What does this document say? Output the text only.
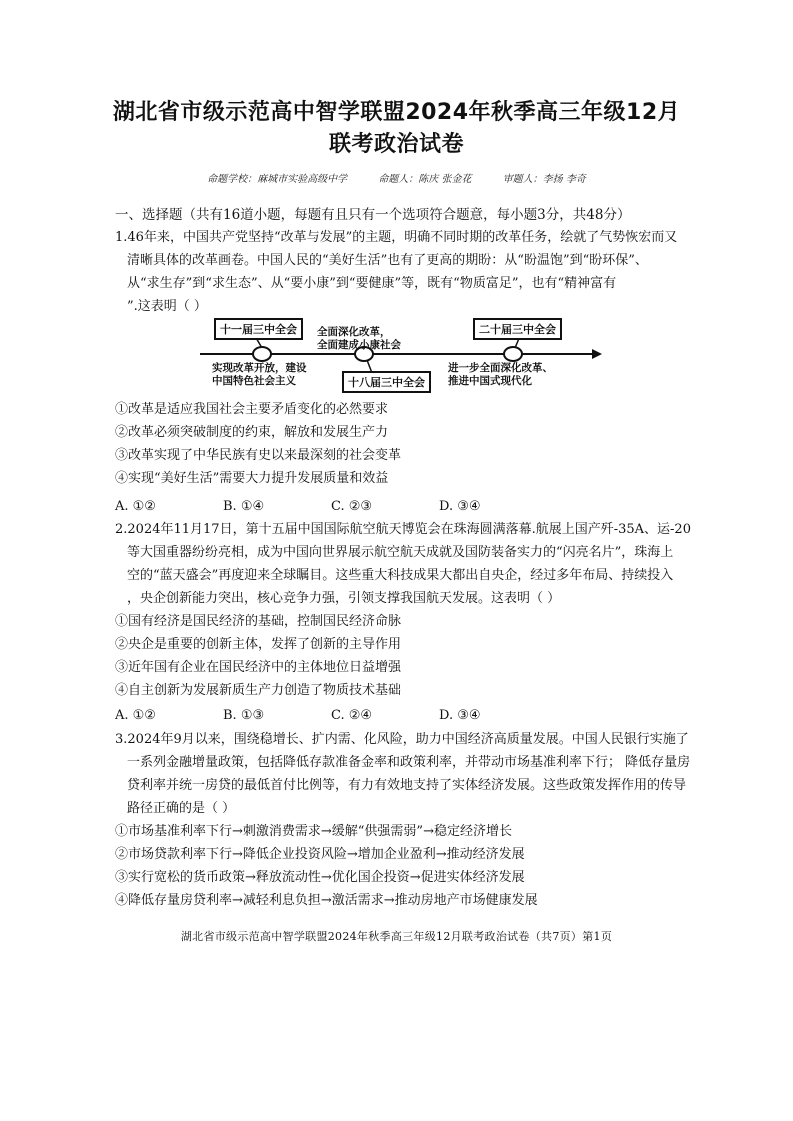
湖北省市级示范高中智学联盟2024年秋季高三年级12月
联考政治试卷
命题学校：麻城市实验高级中学	命题人：陈庆 张金花	审题人：李扬 李奇
一、选择题（共有16道小题，每题有且只有一个选项符合题意，每小题3分，共48分）
1.46年来，中国共产党坚持“改革与发展”的主题，明确不同时期的改革任务，绘就了气势恢宏而又
清晰具体的改革画卷。中国人民的“美好生活”也有了更高的期盼：从“盼温饱”到“盼环保”、
从“求生存”到“求生态”、从“要小康”到“要健康”等，既有“物质富足”，也有“精神富有
”.这表明（ ）
十一届三中全会	二十届三中全会
十八届三中全会
全面深化改革，
全面建成小康社会
实现改革开放，建设
中国特色社会主义
进一步全面深化改革、
推进中国式现代化
①改革是适应我国社会主要矛盾变化的必然要求
②改革必须突破制度的约束，解放和发展生产力
③改革实现了中华民族有史以来最深刻的社会变革
④实现“美好生活”需要大力提升发展质量和效益
A. ①②	B. ①④	C. ②③	D. ③④
2.2024年11月17日，第十五届中国国际航空航天博览会在珠海圆满落幕.航展上国产歼-35A、运-20
等大国重器纷纷亮相，成为中国向世界展示航空航天成就及国防装备实力的“闪亮名片”，珠海上
空的“蓝天盛会”再度迎来全球瞩目。这些重大科技成果大都出自央企，经过多年布局、持续投入
，央企创新能力突出，核心竞争力强，引领支撑我国航天发展。这表明（ ）
①国有经济是国民经济的基础，控制国民经济命脉
②央企是重要的创新主体，发挥了创新的主导作用
③近年国有企业在国民经济中的主体地位日益增强
④自主创新为发展新质生产力创造了物质技术基础
A. ①②	B. ①③	C. ②④	D. ③④
3.2024年9月以来，围绕稳增长、扩内需、化风险，助力中国经济高质量发展。中国人民银行实施了
一系列金融增量政策，包括降低存款准备金率和政策利率，并带动市场基准利率下行； 降低存量房
贷利率并统一房贷的最低首付比例等，有力有效地支持了实体经济发展。这些政策发挥作用的传导
路径正确的是（ ）
①市场基准利率下行→刺激消费需求→缓解“供强需弱”→稳定经济增长
②市场贷款利率下行→降低企业投资风险→增加企业盈利→推动经济发展
③实行宽松的货币政策→释放流动性→优化国企投资→促进实体经济发展
④降低存量房贷利率→减轻利息负担→激活需求→推动房地产市场健康发展
湖北省市级示范高中智学联盟2024年秋季高三年级12月联考政治试卷（共7页）第1页
